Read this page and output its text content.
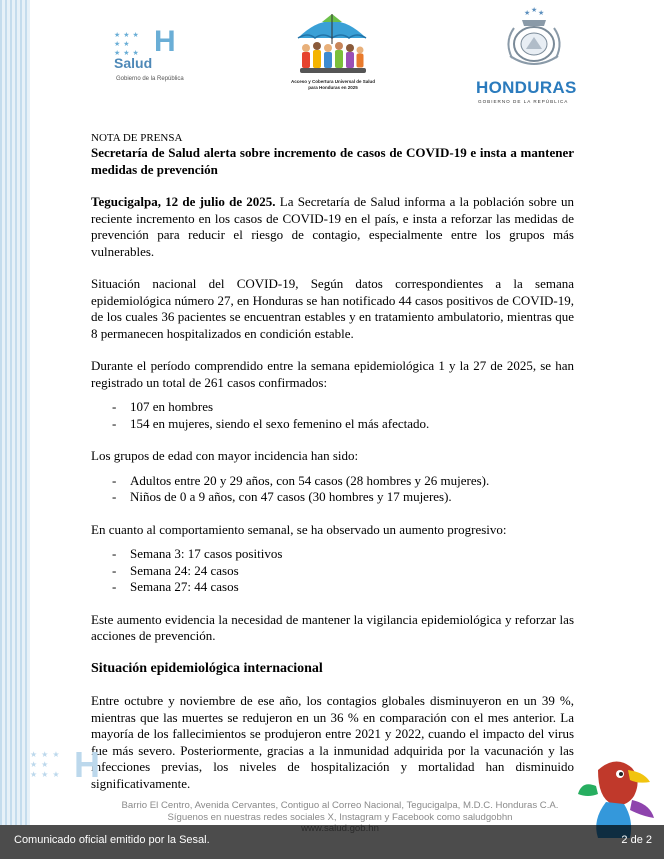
★★★ ★★ ★★★ H
Salud
Gobierno de la República	Acceso y Cobertura Universal de Salud
para Honduras en 2025
★ ★ ★
HONDURAS
GOBIERNO DE LA REPÚBLICA

NOTA DE PRENSA

Secretaría de Salud alerta sobre incremento de casos de COVID-19 e insta a mantener medidas de prevención

Tegucigalpa, 12 de julio de 2025. La Secretaría de Salud informa a la población sobre un reciente incremento en los casos de COVID-19 en el país, e insta a reforzar las medidas de prevención para reducir el riesgo de contagio, especialmente entre los grupos más vulnerables.

Situación nacional del COVID-19, Según datos correspondientes a la semana epidemiológica número 27, en Honduras se han notificado 44 casos positivos de COVID-19, de los cuales 36 pacientes se encuentran estables y en tratamiento ambulatorio, mientras que 8 permanecen hospitalizados en condición estable.

Durante el período comprendido entre la semana epidemiológica 1 y la 27 de 2025, se han registrado un total de 261 casos confirmados:

- 107 en hombres
- 154 en mujeres, siendo el sexo femenino el más afectado.

Los grupos de edad con mayor incidencia han sido:

- Adultos entre 20 y 29 años, con 54 casos (28 hombres y 26 mujeres).
- Niños de 0 a 9 años, con 47 casos (30 hombres y 17 mujeres).

En cuanto al comportamiento semanal, se ha observado un aumento progresivo:

- Semana 3: 17 casos positivos
- Semana 24: 24 casos
- Semana 27: 44 casos

Este aumento evidencia la necesidad de mantener la vigilancia epidemiológica y reforzar las acciones de prevención.

Situación epidemiológica internacional

Entre octubre y noviembre de ese año, los contagios globales disminuyeron en un 39 %, mientras que las muertes se redujeron en un 36 % en comparación con el mes anterior. La mayoría de los fallecimientos se produjeron entre 2021 y 2022, cuando el impacto del virus fue más severo. Posteriormente, gracias a la inmunidad adquirida por la vacunación y las infecciones previas, los niveles de hospitalización y mortalidad han disminuido significativamente.

★★★ ★★ ★★★ H
Barrio El Centro, Avenida Cervantes, Contiguo al Correo Nacional, Tegucigalpa, M.D.C. Honduras C.A.
Síguenos en nuestras redes sociales X, Instagram y Facebook como saludgobhn
Comunicado oficial emitido por la Sesal.	2 de 2
